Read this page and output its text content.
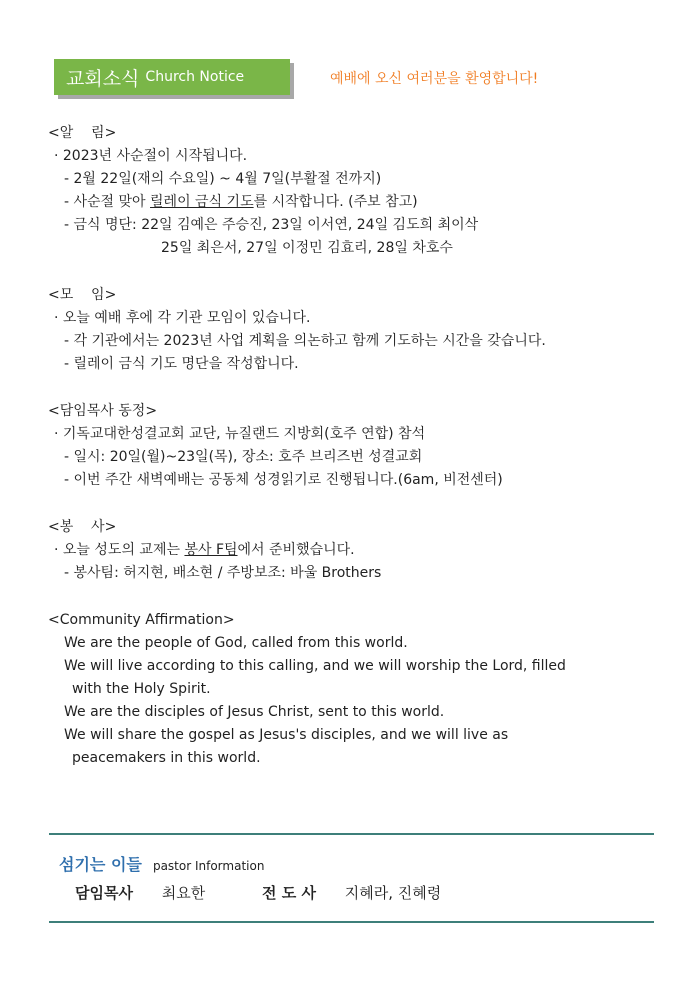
교회소식 Church Notice	예배에 오신 여러분을 환영합니다!
<알    림>
· 2023년 사순절이 시작됩니다.
- 2월 22일(재의 수요일) ~ 4월 7일(부활절 전까지)
- 사순절 맞아 릴레이 금식 기도를 시작합니다. (주보 참고)
- 금식 명단: 22일 김예은 주승진, 23일 이서연, 24일 김도희 최이삭
25일 최은서, 27일 이정민 김효리, 28일 차호수
<모    임>
· 오늘 예배 후에 각 기관 모임이 있습니다.
- 각 기관에서는 2023년 사업 계획을 의논하고 함께 기도하는 시간을 갖습니다.
- 릴레이 금식 기도 명단을 작성합니다.
<담임목사 동정>
· 기독교대한성결교회 교단, 뉴질랜드 지방회(호주 연합) 참석
- 일시: 20일(월)~23일(목), 장소: 호주 브리즈번 성결교회
- 이번 주간 새벽예배는 공동체 성경읽기로 진행됩니다.(6am, 비전센터)
<봉    사>
· 오늘 성도의 교제는 봉사 F팀에서 준비했습니다.
- 봉사팀: 허지현, 배소현 / 주방보조: 바울 Brothers
<Community Affirmation>
We are the people of God, called from this world.
We will live according to this calling, and we will worship the Lord, filled
with the Holy Spirit.
We are the disciples of Jesus Christ, sent to this world.
We will share the gospel as Jesus's disciples, and we will live as
peacemakers in this world.
섬기는 이들 pastor Information
담임목사 최요한	전 도 사 지혜라, 진혜령
